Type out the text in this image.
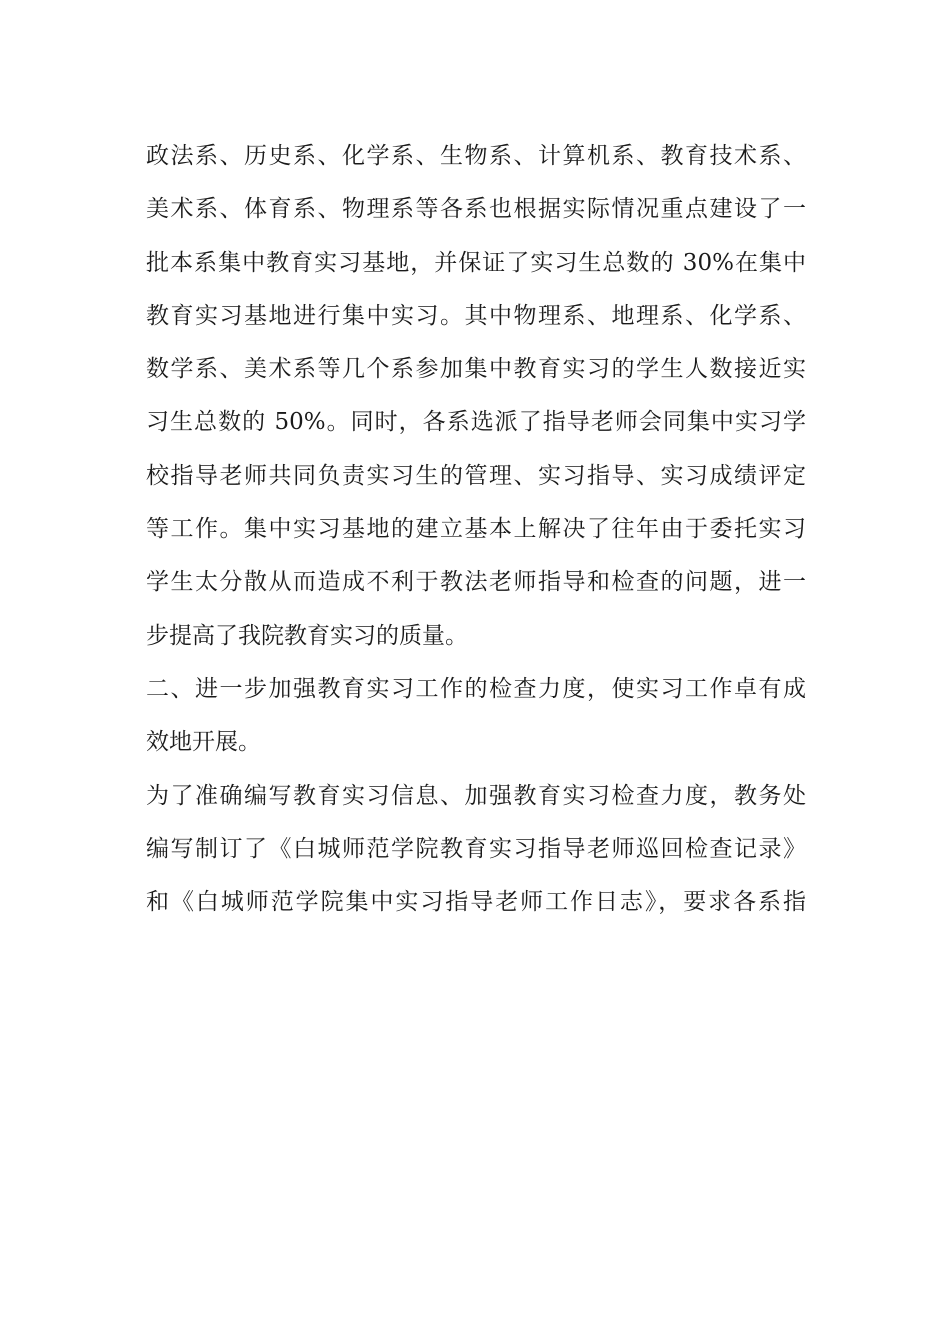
政法系、历史系、化学系、生物系、计算机系、教育技术系、
美术系、体育系、物理系等各系也根据实际情况重点建设了一
批本系集中教育实习基地，并保证了实习生总数的 30%在集中
教育实习基地进行集中实习。其中物理系、地理系、化学系、
数学系、美术系等几个系参加集中教育实习的学生人数接近实
习生总数的 50%。同时，各系选派了指导老师会同集中实习学
校指导老师共同负责实习生的管理、实习指导、实习成绩评定
等工作。集中实习基地的建立基本上解决了往年由于委托实习
学生太分散从而造成不利于教法老师指导和检查的问题，进一
步提高了我院教育实习的质量。
二、进一步加强教育实习工作的检查力度，使实习工作卓有成
效地开展。
为了准确编写教育实习信息、加强教育实习检查力度，教务处
编写制订了《白城师范学院教育实习指导老师巡回检查记录》
和《白城师范学院集中实习指导老师工作日志》，要求各系指
